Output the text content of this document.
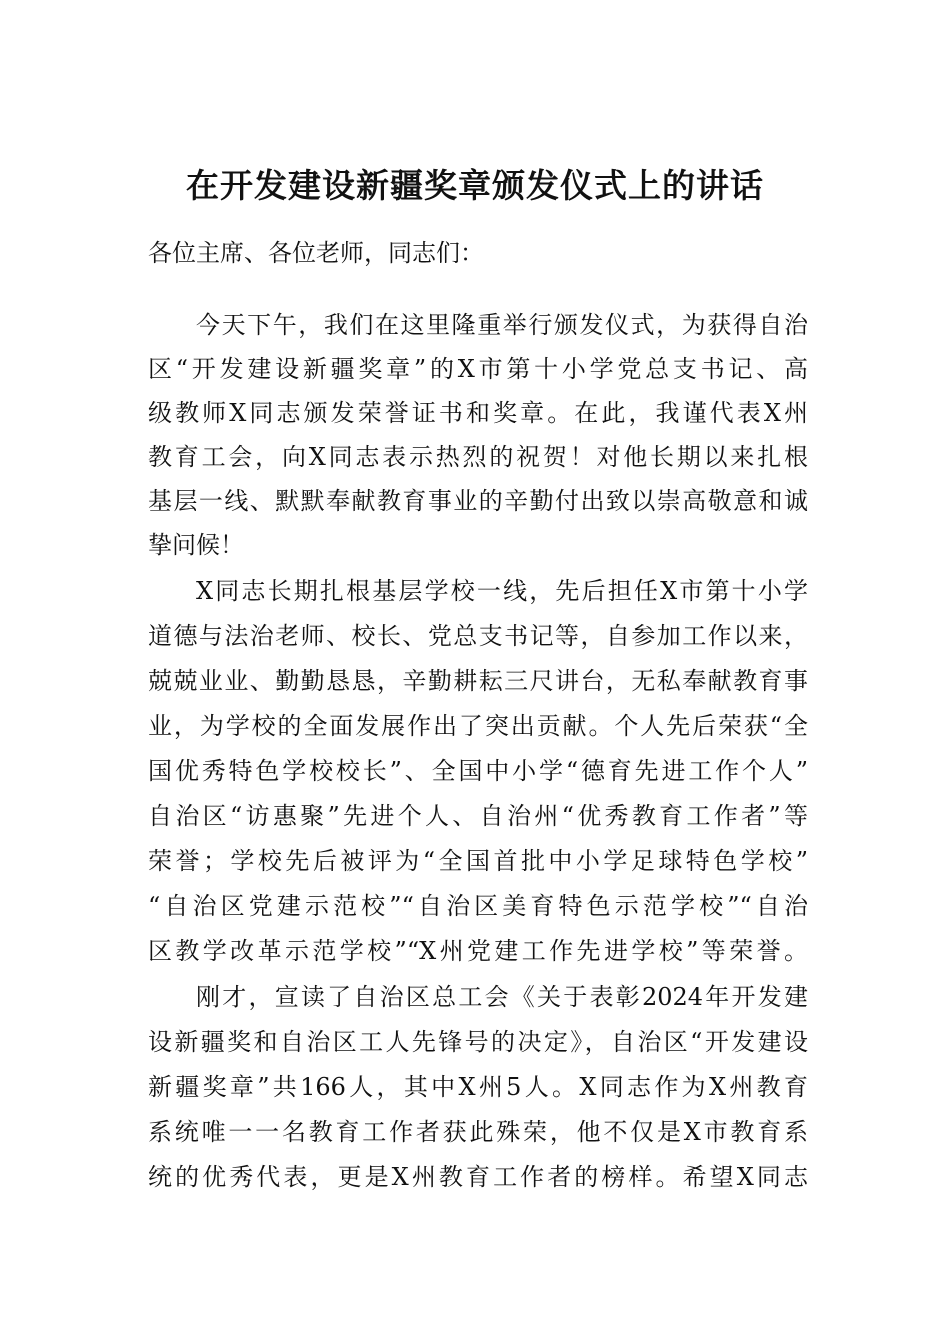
在开发建设新疆奖章颁发仪式上的讲话
各位主席、各位老师，同志们：
今天下午，我们在这里隆重举行颁发仪式，为获得自治
区“开发建设新疆奖章”的X市第十小学党总支书记、高
级教师X同志颁发荣誉证书和奖章。在此，我谨代表X州
教育工会，向X同志表示热烈的祝贺！对他长期以来扎根
基层一线、默默奉献教育事业的辛勤付出致以崇高敬意和诚
挚问候！
X同志长期扎根基层学校一线，先后担任X市第十小学
道德与法治老师、校长、党总支书记等，自参加工作以来，
兢兢业业、勤勤恳恳，辛勤耕耘三尺讲台，无私奉献教育事
业，为学校的全面发展作出了突出贡献。个人先后荣获“全
国优秀特色学校校长”、全国中小学“德育先进工作个人”
自治区“访惠聚”先进个人、自治州“优秀教育工作者”等
荣誉；学校先后被评为“全国首批中小学足球特色学校”
“自治区党建示范校”“自治区美育特色示范学校”“自治
区教学改革示范学校”“X州党建工作先进学校”等荣誉。
刚才，宣读了自治区总工会《关于表彰2024年开发建
设新疆奖和自治区工人先锋号的决定》，自治区“开发建设
新疆奖章”共166人，其中X州5人。X同志作为X州教育
系统唯一一名教育工作者获此殊荣，他不仅是X市教育系
统的优秀代表，更是X州教育工作者的榜样。希望X同志
